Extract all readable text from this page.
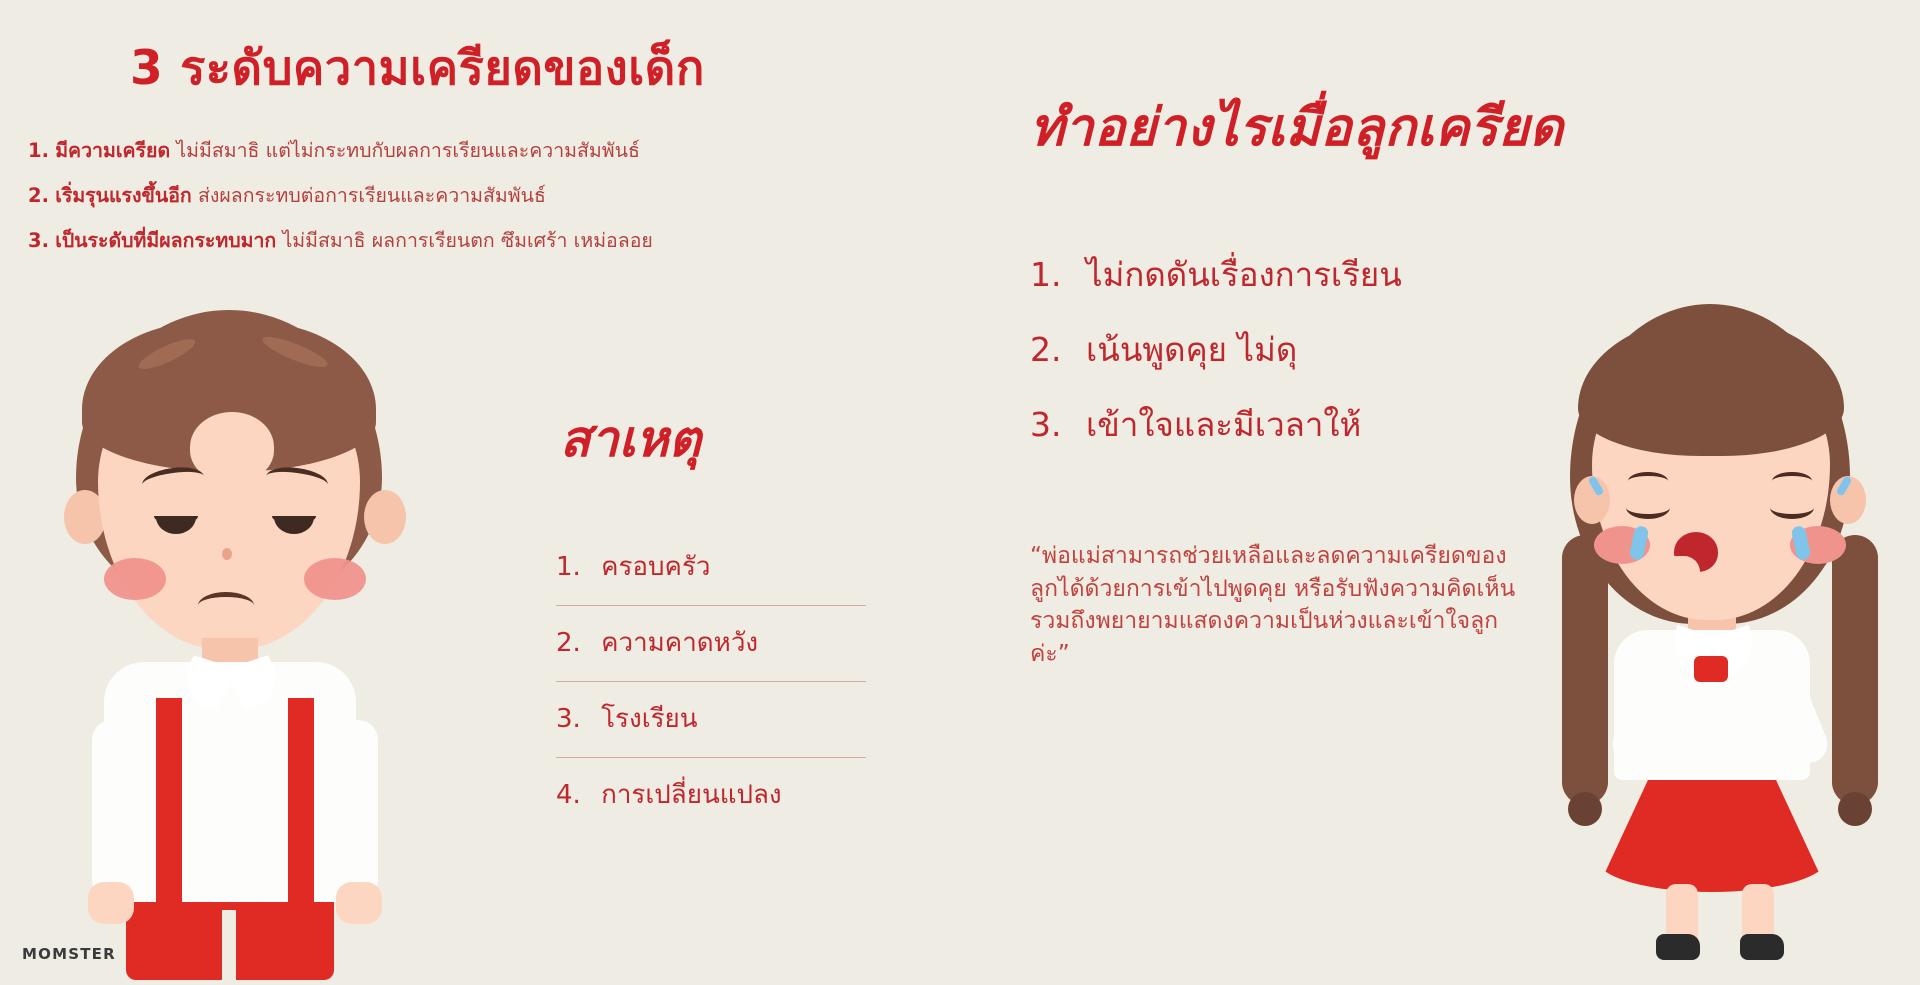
3 ระดับความเครียดของเด็ก
1. มีความเครียด ไม่มีสมาธิ แต่ไม่กระทบกับผลการเรียนและความสัมพันธ์
2. เริ่มรุนแรงขึ้นอีก ส่งผลกระทบต่อการเรียนและความสัมพันธ์
3. เป็นระดับที่มีผลกระทบมาก ไม่มีสมาธิ ผลการเรียนตก ซึมเศร้า เหม่อลอย
สาเหตุ
1. ครอบครัว
2. ความคาดหวัง
3. โรงเรียน
4. การเปลี่ยนแปลง
ทำอย่างไรเมื่อลูกเครียด
1. ไม่กดดันเรื่องการเรียน
2. เน้นพูดคุย ไม่ดุ
3. เข้าใจและมีเวลาให้
“พ่อแม่สามารถช่วยเหลือและลดความเครียดของลูกได้ด้วยการเข้าไปพูดคุย หรือรับฟังความคิดเห็น รวมถึงพยายามแสดงความเป็นห่วงและเข้าใจลูกค่ะ”
MOMSTER
